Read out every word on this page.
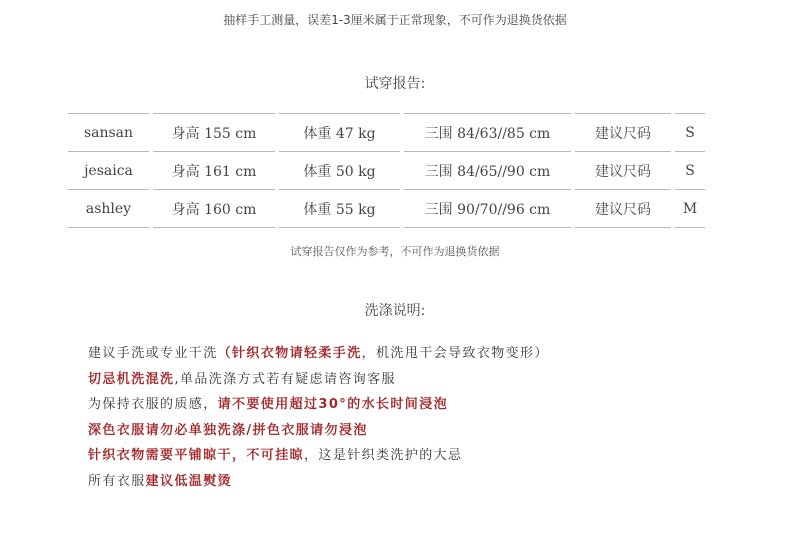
抽样手工测量，误差1-3厘米属于正常现象，不可作为退换货依据
试穿报告:
sansan	身高 155 cm	体重 47 kg	三围 84/63//85 cm	建议尺码	S
jesaica	身高 161 cm	体重 50 kg	三围 84/65//90 cm	建议尺码	S
ashley	身高 160 cm	体重 55 kg	三围 90/70//96 cm	建议尺码	M
试穿报告仅作为参考，不可作为退换货依据
洗涤说明:
建议手洗或专业干洗（针织衣物请轻柔手洗，机洗甩干会导致衣物变形）
切忌机洗混洗,单品洗涤方式若有疑虑请咨询客服
为保持衣服的质感，请不要使用超过30°的水长时间浸泡
深色衣服请勿必单独洗涤/拼色衣服请勿浸泡
针织衣物需要平铺晾干，不可挂晾，这是针织类洗护的大忌
所有衣服建议低温熨烫
